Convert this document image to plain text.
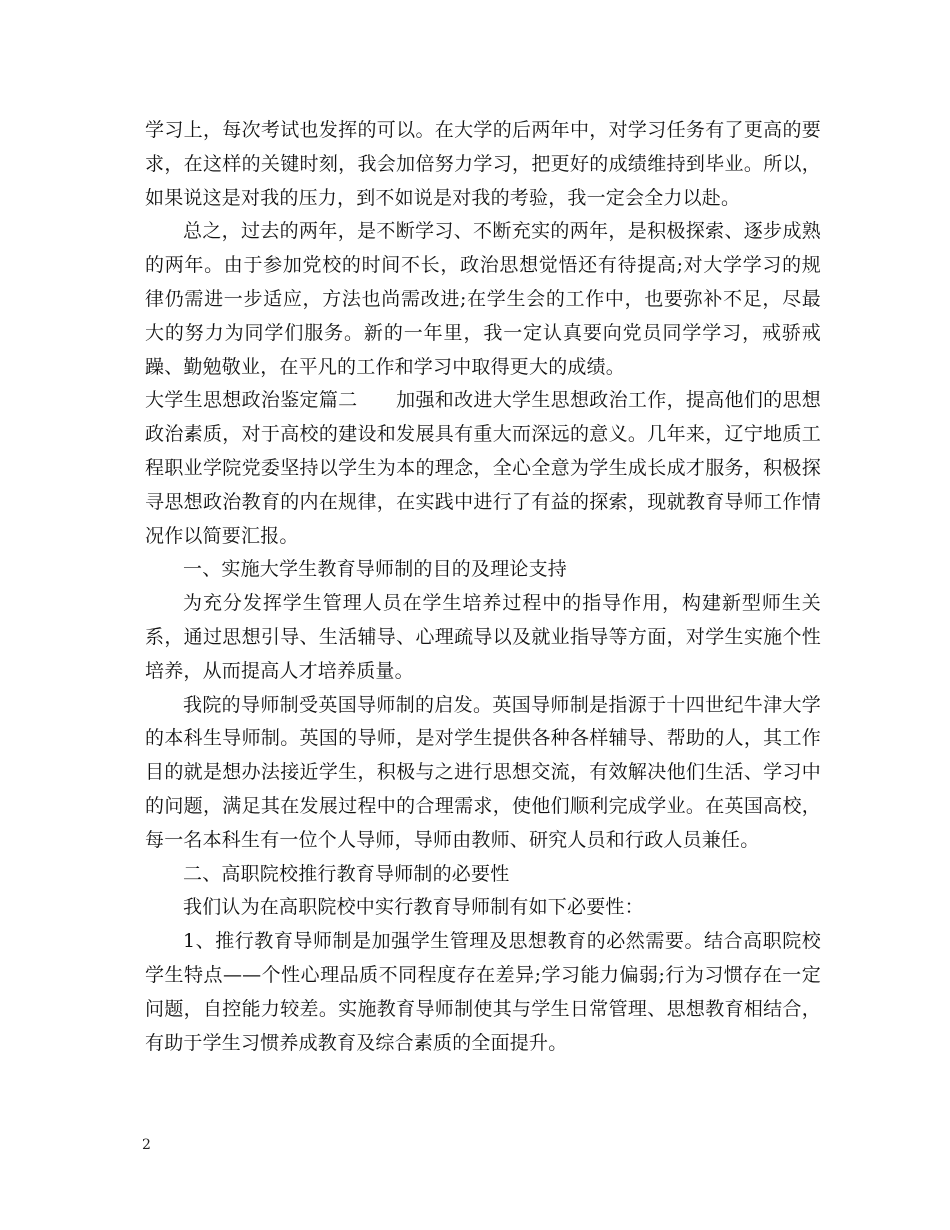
学习上，每次考试也发挥的可以。在大学的后两年中，对学习任务有了更高的要求，在这样的关键时刻，我会加倍努力学习，把更好的成绩维持到毕业。所以，如果说这是对我的压力，到不如说是对我的考验，我一定会全力以赴。

总之，过去的两年，是不断学习、不断充实的两年，是积极探索、逐步成熟的两年。由于参加党校的时间不长，政治思想觉悟还有待提高;对大学学习的规律仍需进一步适应，方法也尚需改进;在学生会的工作中，也要弥补不足，尽最大的努力为同学们服务。新的一年里，我一定认真要向党员同学学习，戒骄戒躁、勤勉敬业，在平凡的工作和学习中取得更大的成绩。

大学生思想政治鉴定篇二　　加强和改进大学生思想政治工作，提高他们的思想政治素质，对于高校的建设和发展具有重大而深远的意义。几年来，辽宁地质工程职业学院党委坚持以学生为本的理念，全心全意为学生成长成才服务，积极探寻思想政治教育的内在规律，在实践中进行了有益的探索，现就教育导师工作情况作以简要汇报。

一、实施大学生教育导师制的目的及理论支持

为充分发挥学生管理人员在学生培养过程中的指导作用，构建新型师生关系，通过思想引导、生活辅导、心理疏导以及就业指导等方面，对学生实施个性培养，从而提高人才培养质量。

我院的导师制受英国导师制的启发。英国导师制是指源于十四世纪牛津大学的本科生导师制。英国的导师，是对学生提供各种各样辅导、帮助的人，其工作目的就是想办法接近学生，积极与之进行思想交流，有效解决他们生活、学习中的问题，满足其在发展过程中的合理需求，使他们顺利完成学业。在英国高校，每一名本科生有一位个人导师，导师由教师、研究人员和行政人员兼任。

二、高职院校推行教育导师制的必要性

我们认为在高职院校中实行教育导师制有如下必要性：

1、推行教育导师制是加强学生管理及思想教育的必然需要。结合高职院校学生特点——个性心理品质不同程度存在差异;学习能力偏弱;行为习惯存在一定问题，自控能力较差。实施教育导师制使其与学生日常管理、思想教育相结合，有助于学生习惯养成教育及综合素质的全面提升。

2
